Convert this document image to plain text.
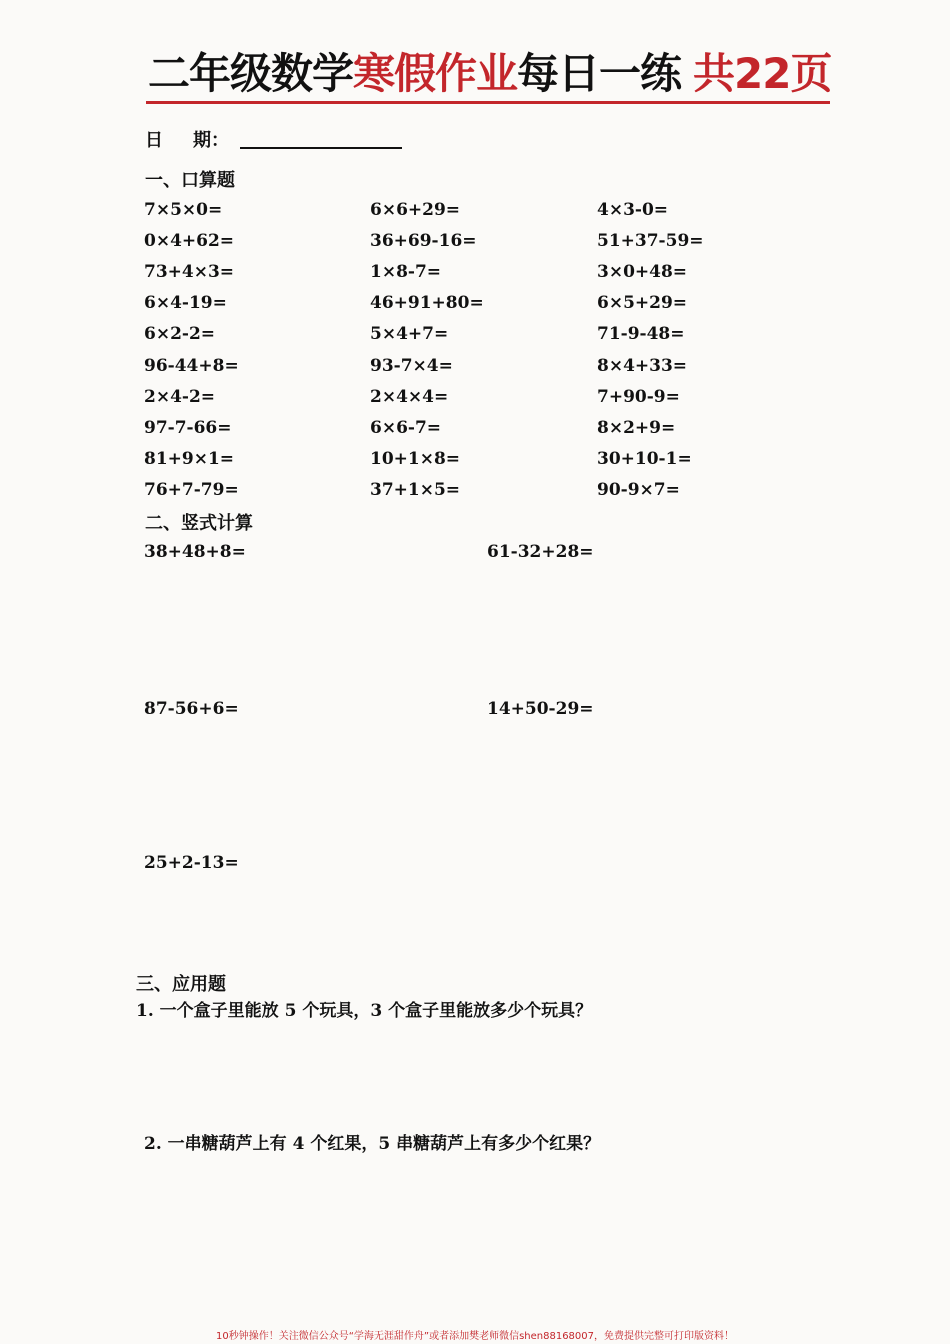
二年级数学寒假作业每日一练 共22页
日 期：
一、口算题
7×5×0=	6×6+29=	4×3-0=
0×4+62=	36+69-16=	51+37-59=
73+4×3=	1×8-7=	3×0+48=
6×4-19=	46+91+80=	6×5+29=
6×2-2=	5×4+7=	71-9-48=
96-44+8=	93-7×4=	8×4+33=
2×4-2=	2×4×4=	7+90-9=
97-7-66=	6×6-7=	8×2+9=
81+9×1=	10+1×8=	30+10-1=
76+7-79=	37+1×5=	90-9×7=
二、竖式计算
38+48+8=	61-32+28=
87-56+6=	14+50-29=
25+2-13=
三、应用题
1. 一个盒子里能放 5 个玩具，3 个盒子里能放多少个玩具？
2. 一串糖葫芦上有 4 个红果，5 串糖葫芦上有多少个红果？
10秒钟操作！关注微信公众号“学海无涯甜作舟”或者添加樊老师微信shen88168007，免费提供完整可打印版资料！
